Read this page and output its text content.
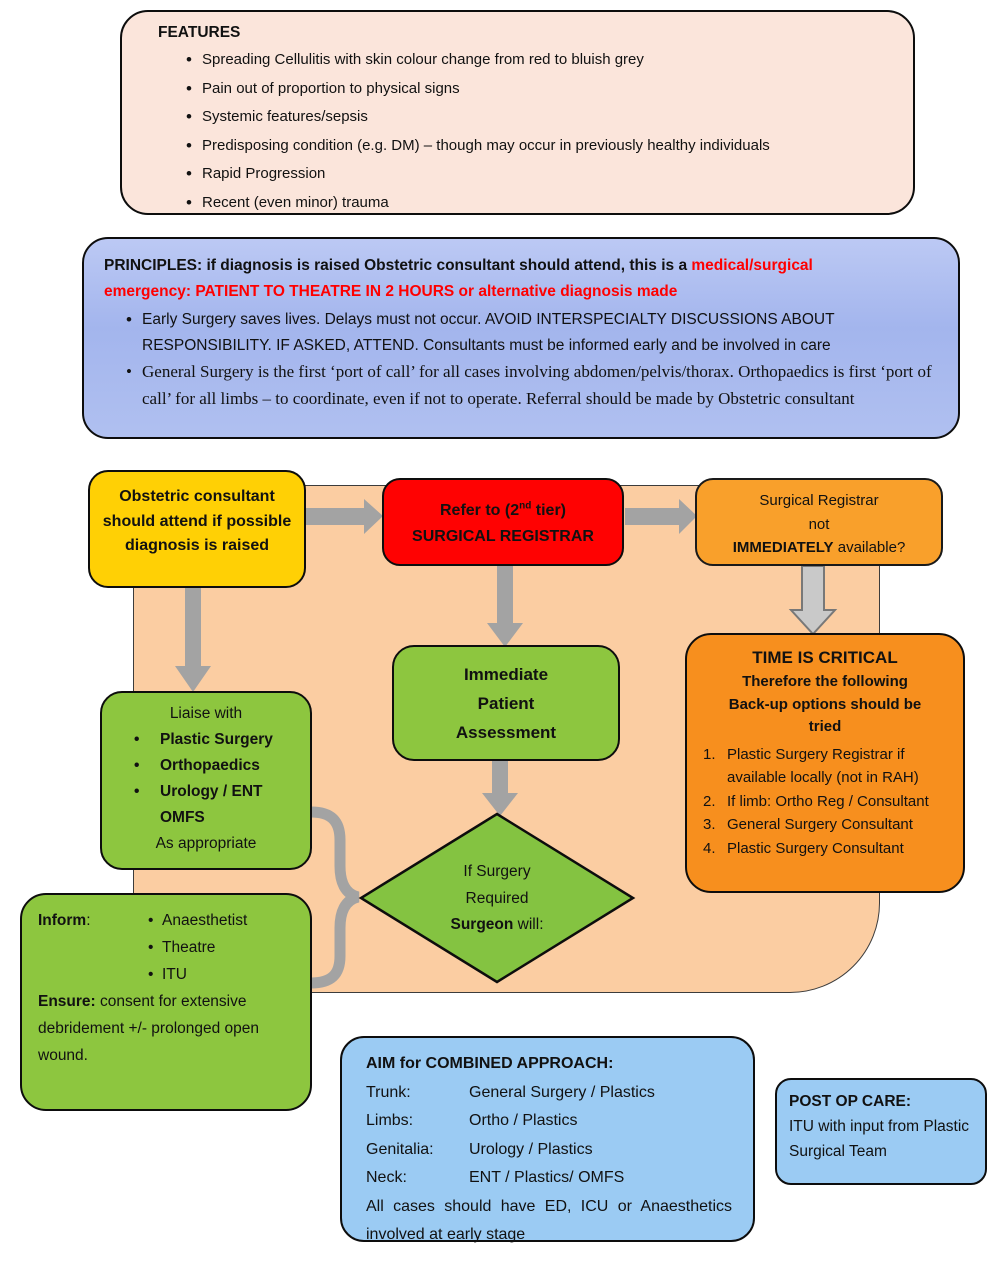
FEATURES
• Spreading Cellulitis with skin colour change from red to bluish grey
• Pain out of proportion to physical signs
• Systemic features/sepsis
• Predisposing condition (e.g. DM) – though may occur in previously healthy individuals
• Rapid Progression
• Recent (even minor) trauma
PRINCIPLES: if diagnosis is raised Obstetric consultant should attend, this is a medical/surgical
emergency: PATIENT TO THEATRE IN 2 HOURS or alternative diagnosis made
• Early Surgery saves lives. Delays must not occur. AVOID INTERSPECIALTY DISCUSSIONS ABOUT RESPONSIBILITY. IF ASKED, ATTEND. Consultants must be informed early and be involved in care
• General Surgery is the first ‘port of call’ for all cases involving abdomen/pelvis/thorax. Orthopaedics is first ‘port of call’ for all limbs – to coordinate, even if not to operate. Referral should be made by Obstetric consultant
Obstetric consultant should attend if possible diagnosis is raised
Refer to (2nd tier)
SURGICAL REGISTRAR
Surgical Registrar
not
IMMEDIATELY available?
Immediate Patient Assessment
Liaise with
• Plastic Surgery
• Orthopaedics
• Urology / ENT
OMFS
As appropriate
TIME IS CRITICAL
Therefore the following Back-up options should be tried
Plastic Surgery Registrar if available locally (not in RAH)
If limb: Ortho Reg / Consultant
General Surgery Consultant
Plastic Surgery Consultant
Inform:	• Anaesthetist
• Theatre
• ITU

Ensure: consent for extensive debridement +/- prolonged open wound.

If Surgery
Required
Surgeon will:
AIM for COMBINED APPROACH:
Trunk:	General Surgery / Plastics
Limbs:	Ortho / Plastics
Genitalia: Urology / Plastics
Neck:	ENT / Plastics/ OMFS

All cases should have ED, ICU or Anaesthetics involved at early stage

POST OP CARE:
ITU with input from Plastic Surgical Team
